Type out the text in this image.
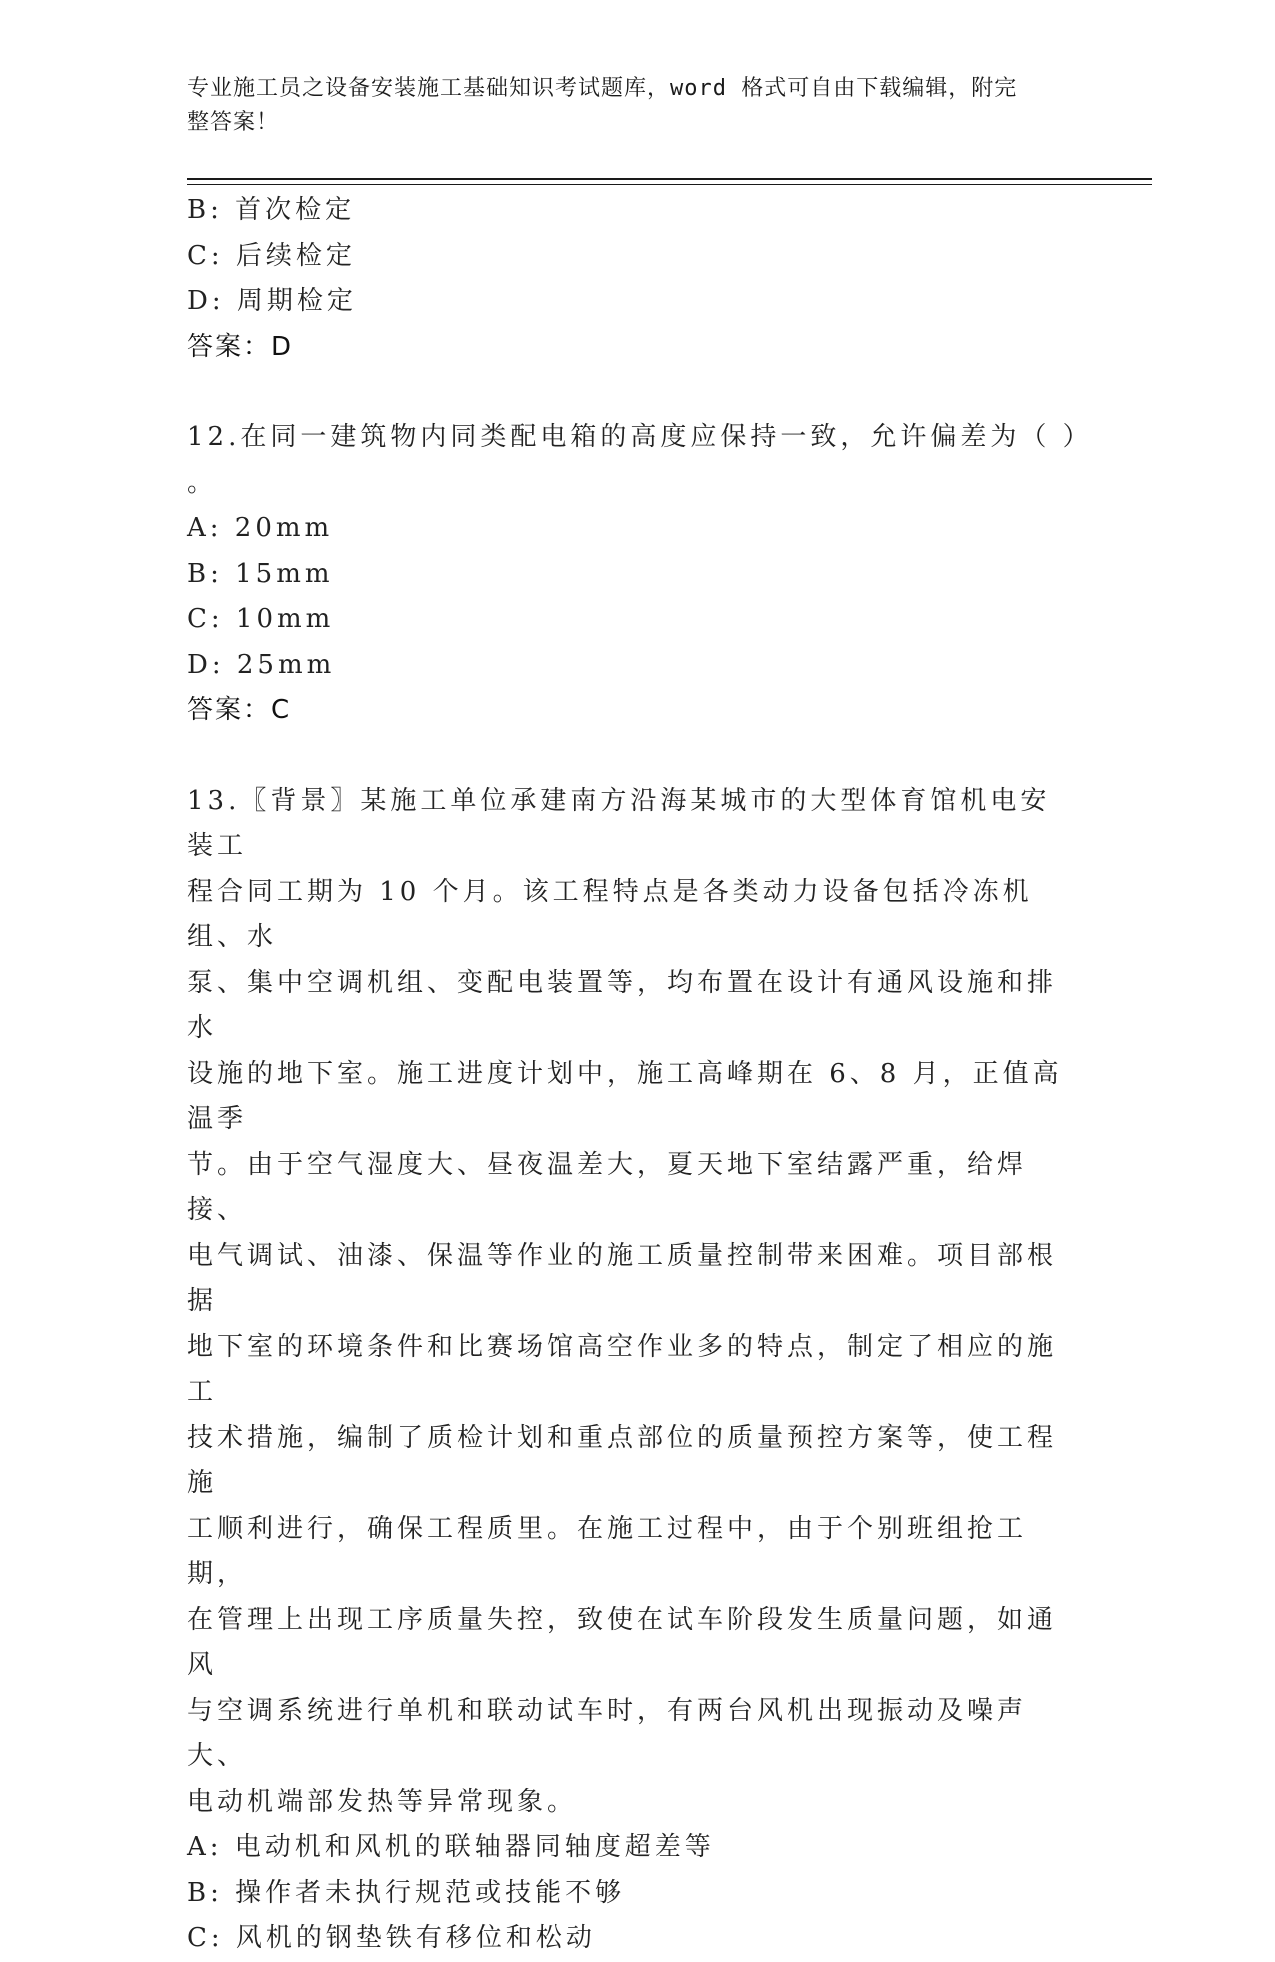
专业施工员之设备安装施工基础知识考试题库，word 格式可自由下载编辑，附完
整答案！

B: 首次检定

C: 后续检定

D: 周期检定

答案：D

12.在同一建筑物内同类配电箱的高度应保持一致，允许偏差为（ ）

。

A: 20mm

B: 15mm

C: 10mm

D: 25mm

答案：C

13.〖背景〗某施工单位承建南方沿海某城市的大型体育馆机电安装工

程合同工期为 10 个月。该工程特点是各类动力设备包括冷冻机组、水

泵、集中空调机组、变配电装置等，均布置在设计有通风设施和排水

设施的地下室。施工进度计划中，施工高峰期在 6、8 月，正值高温季

节。由于空气湿度大、昼夜温差大，夏天地下室结露严重，给焊接、

电气调试、油漆、保温等作业的施工质量控制带来困难。项目部根据

地下室的环境条件和比赛场馆高空作业多的特点，制定了相应的施工

技术措施，编制了质检计划和重点部位的质量预控方案等，使工程施

工顺利进行，确保工程质里。在施工过程中，由于个别班组抢工期，

在管理上出现工序质量失控，致使在试车阶段发生质量问题，如通风

与空调系统进行单机和联动试车时，有两台风机出现振动及噪声大、

电动机端部发热等异常现象。

A: 电动机和风机的联轴器同轴度超差等

B: 操作者未执行规范或技能不够

C: 风机的钢垫铁有移位和松动
